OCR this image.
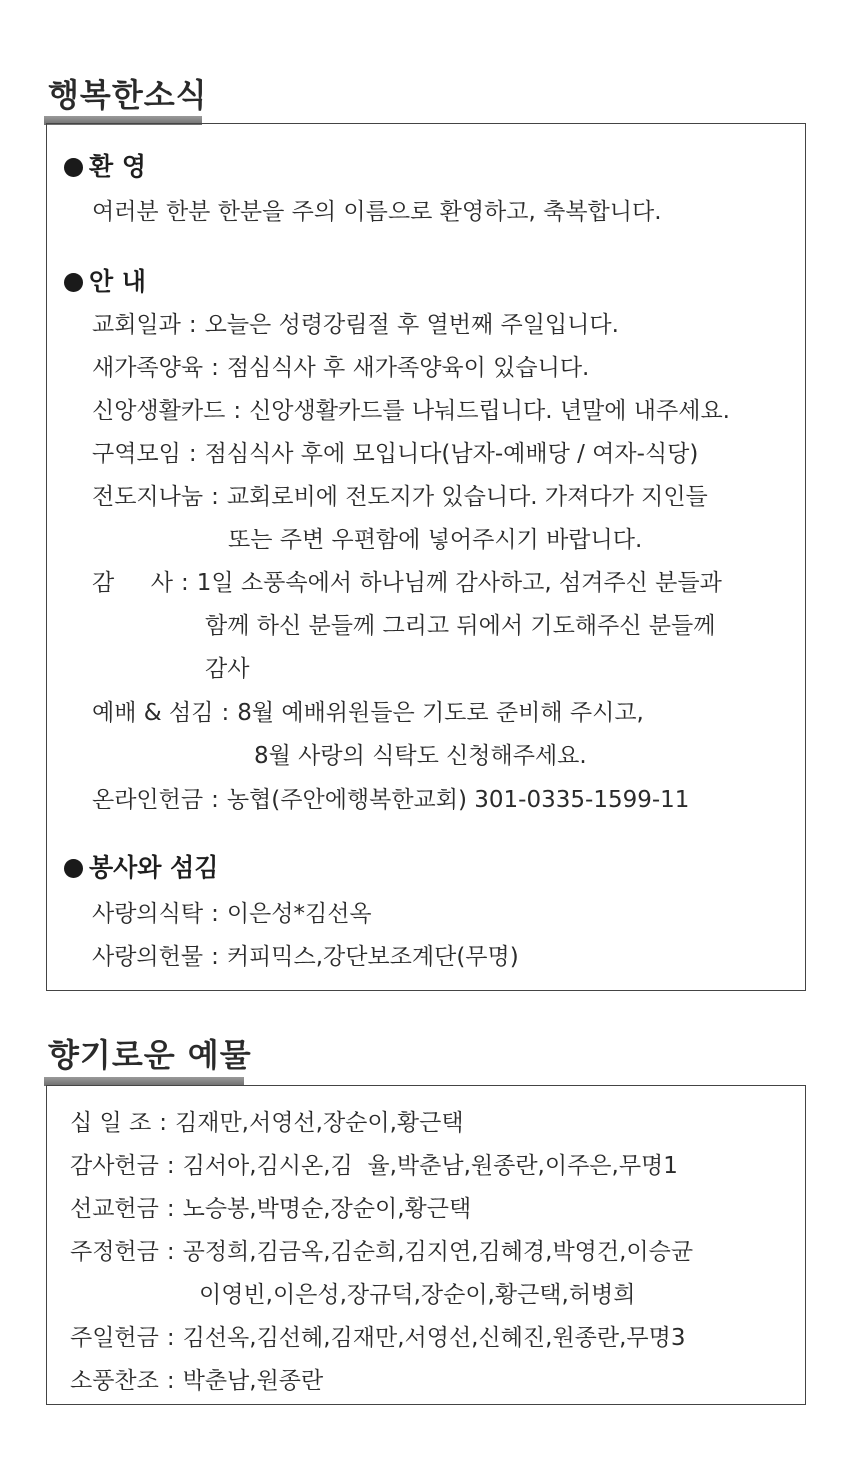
행복한소식
환 영
여러분 한분 한분을 주의 이름으로 환영하고, 축복합니다.
안 내
교회일과 : 오늘은 성령강림절 후 열번째 주일입니다.
새가족양육 : 점심식사 후 새가족양육이 있습니다.
신앙생활카드 : 신앙생활카드를 나눠드립니다. 년말에 내주세요.
구역모임 : 점심식사 후에 모입니다(남자-예배당 / 여자-식당)
전도지나눔 : 교회로비에 전도지가 있습니다. 가져다가 지인들
또는 주변 우편함에 넣어주시기 바랍니다.
감     사 : 1일 소풍속에서 하나님께 감사하고, 섬겨주신 분들과
함께 하신 분들께 그리고 뒤에서 기도해주신 분들께
감사
예배 & 섬김 : 8월 예배위원들은 기도로 준비해 주시고,
8월 사랑의 식탁도 신청해주세요.
온라인헌금 : 농협(주안에행복한교회) 301-0335-1599-11
봉사와 섬김
사랑의식탁 : 이은성*김선옥
사랑의헌물 : 커피믹스,강단보조계단(무명)
향기로운 예물
십 일 조 : 김재만,서영선,장순이,황근택
감사헌금 : 김서아,김시온,김  율,박춘남,원종란,이주은,무명1
선교헌금 : 노승봉,박명순,장순이,황근택
주정헌금 : 공정희,김금옥,김순희,김지연,김혜경,박영건,이승균
이영빈,이은성,장규덕,장순이,황근택,허병희
주일헌금 : 김선옥,김선혜,김재만,서영선,신혜진,원종란,무명3
소풍찬조 : 박춘남,원종란
